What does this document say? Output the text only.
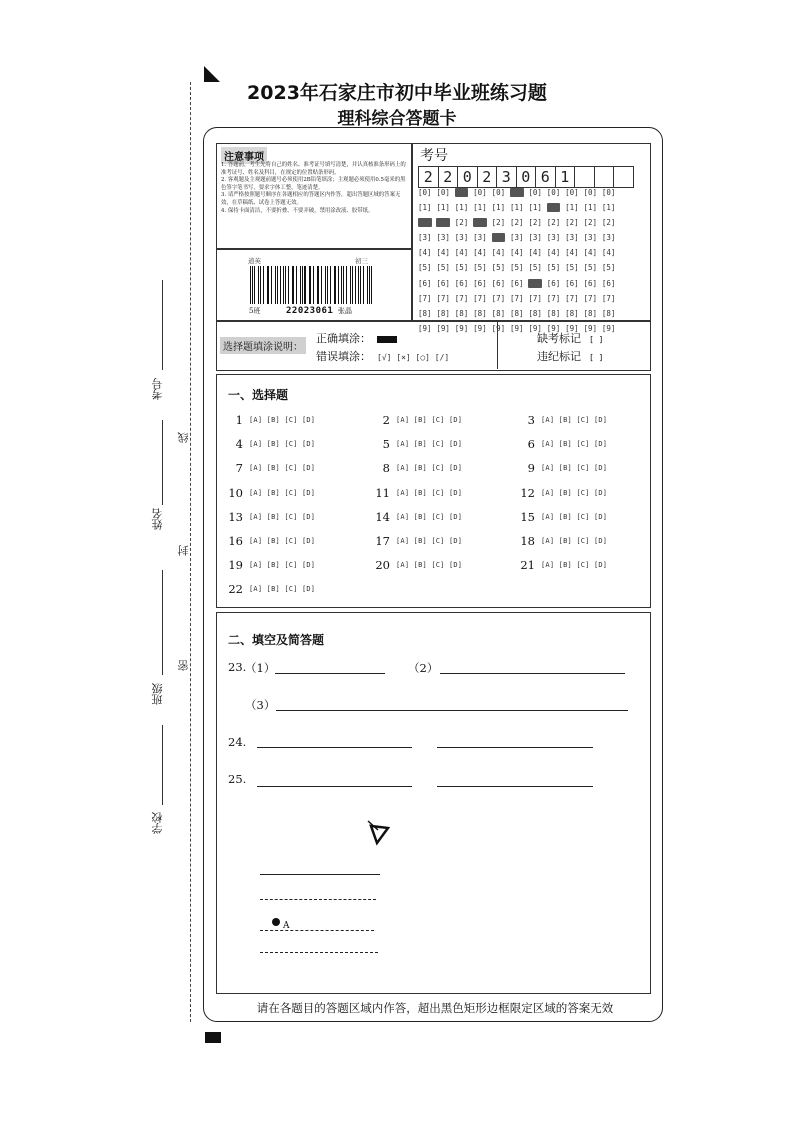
考号
姓名
班级
学校
线
封
密
2023年石家庄市初中毕业班练习题
理科综合答题卡
注意事项
1. 答题前，考生先将自己的姓名、准考证号填写清楚，并认真核准条形码上的准考证号、姓名及科目，在规定的位置贴条形码。
2. 客观题及主观题前题号必须使用2B铅笔填涂；主观题必须使用0.5毫米的黑色签字笔书写，要求字体工整，笔迹清楚。
3. 请严格按照题号顺序在各题相应的答题区内作答，超出答题区域的答案无效，在草稿纸、试卷上答题无效。
4. 保持卡面清洁，不要折叠、不要弄破，禁用涂改液、胶带纸。
道英	初三
5班	22023061 张晶
考号
2 2 0 2 3 0 6 1
[0] [0] [0] [0] [0] [0] [0] [0] [0] [0] [0]
[1] [1] [1] [1] [1] [1] [1] [1] [1] [1] [1]
[2] [2] [2] [2] [2] [2] [2] [2] [2] [2] [2]
[3] [3] [3] [3] [3] [3] [3] [3] [3] [3] [3]
[4] [4] [4] [4] [4] [4] [4] [4] [4] [4] [4]
[5] [5] [5] [5] [5] [5] [5] [5] [5] [5] [5]
[6] [6] [6] [6] [6] [6] [6] [6] [6] [6] [6]
[7] [7] [7] [7] [7] [7] [7] [7] [7] [7] [7]
[8] [8] [8] [8] [8] [8] [8] [8] [8] [8] [8]
[9] [9] [9] [9] [9] [9] [9] [9] [9] [9] [9]
选择题填涂说明：
正确填涂：
错误填涂： [√] [×] [○] [/]
缺考标记 [ ]
违纪标记 [ ]
一、选择题
1 [A] [B] [C] [D]	2 [A] [B] [C] [D]	3 [A] [B] [C] [D]
4 [A] [B] [C] [D]	5 [A] [B] [C] [D]	6 [A] [B] [C] [D]
7 [A] [B] [C] [D]	8 [A] [B] [C] [D]	9 [A] [B] [C] [D]
10 [A] [B] [C] [D]	11 [A] [B] [C] [D]	12 [A] [B] [C] [D]
13 [A] [B] [C] [D]	14 [A] [B] [C] [D]	15 [A] [B] [C] [D]
16 [A] [B] [C] [D]	17 [A] [B] [C] [D]	18 [A] [B] [C] [D]
19 [A] [B] [C] [D]	20 [A] [B] [C] [D]	21 [A] [B] [C] [D]
22 [A] [B] [C] [D]
二、填空及简答题
23.
（1）	（2）
（3）
24.
25.
A
请在各题目的答题区域内作答，超出黑色矩形边框限定区域的答案无效
